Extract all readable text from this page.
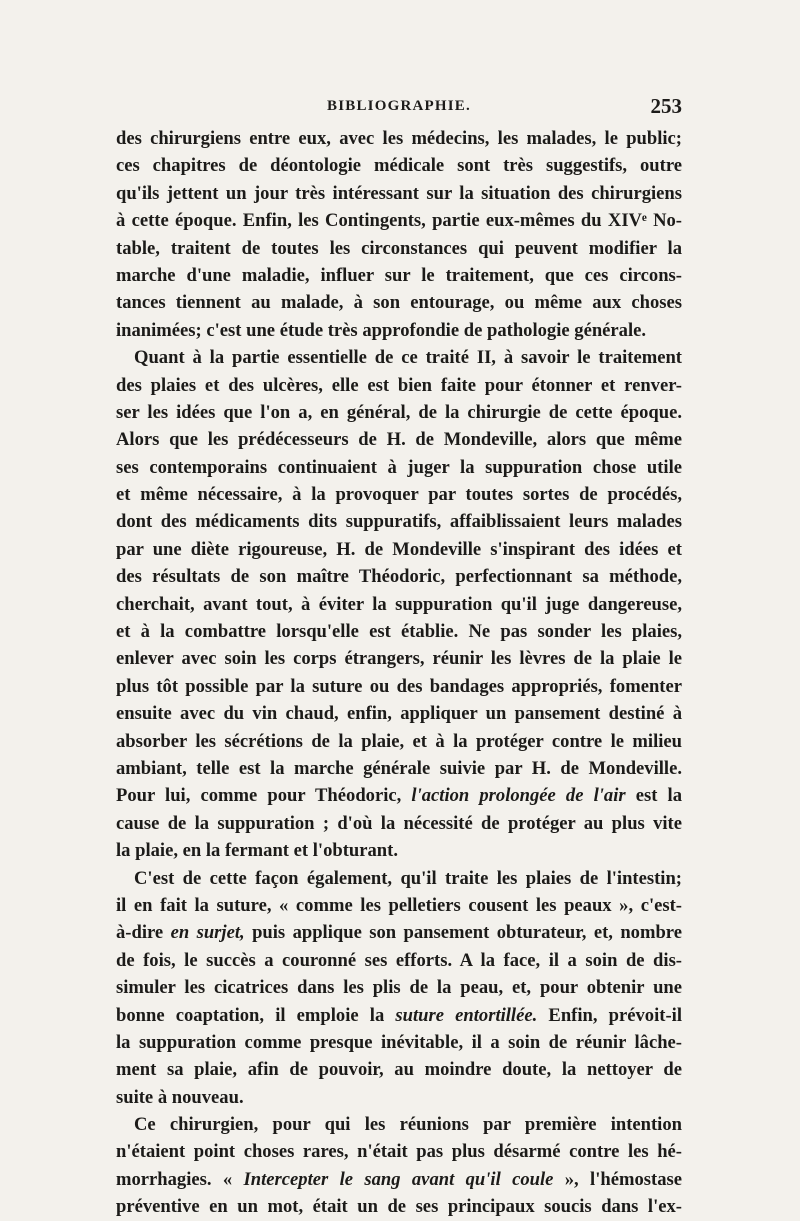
BIBLIOGRAPHIE.	253
des chirurgiens entre eux, avec les médecins, les malades, le public;
ces chapitres de déontologie médicale sont très suggestifs, outre
qu'ils jettent un jour très intéressant sur la situation des chirurgiens
à cette époque. Enfin, les Contingents, partie eux-mêmes du XIVᵉ No-
table, traitent de toutes les circonstances qui peuvent modifier la
marche d'une maladie, influer sur le traitement, que ces circons-
tances tiennent au malade, à son entourage, ou même aux choses
inanimées; c'est une étude très approfondie de pathologie générale.
Quant à la partie essentielle de ce traité II, à savoir le traitement
des plaies et des ulcères, elle est bien faite pour étonner et renver-
ser les idées que l'on a, en général, de la chirurgie de cette époque.
Alors que les prédécesseurs de H. de Mondeville, alors que même
ses contemporains continuaient à juger la suppuration chose utile
et même nécessaire, à la provoquer par toutes sortes de procédés,
dont des médicaments dits suppuratifs, affaiblissaient leurs malades
par une diète rigoureuse, H. de Mondeville s'inspirant des idées et
des résultats de son maître Théodoric, perfectionnant sa méthode,
cherchait, avant tout, à éviter la suppuration qu'il juge dangereuse,
et à la combattre lorsqu'elle est établie. Ne pas sonder les plaies,
enlever avec soin les corps étrangers, réunir les lèvres de la plaie le
plus tôt possible par la suture ou des bandages appropriés, fomenter
ensuite avec du vin chaud, enfin, appliquer un pansement destiné à
absorber les sécrétions de la plaie, et à la protéger contre le milieu
ambiant, telle est la marche générale suivie par H. de Mondeville.
Pour lui, comme pour Théodoric, l'action prolongée de l'air est la
cause de la suppuration ; d'où la nécessité de protéger au plus vite
la plaie, en la fermant et l'obturant.
C'est de cette façon également, qu'il traite les plaies de l'intestin;
il en fait la suture, « comme les pelletiers cousent les peaux », c'est-
à-dire en surjet, puis applique son pansement obturateur, et, nombre
de fois, le succès a couronné ses efforts. A la face, il a soin de dis-
simuler les cicatrices dans les plis de la peau, et, pour obtenir une
bonne coaptation, il emploie la suture entortillée. Enfin, prévoit-il
la suppuration comme presque inévitable, il a soin de réunir lâche-
ment sa plaie, afin de pouvoir, au moindre doute, la nettoyer de
suite à nouveau.
Ce chirurgien, pour qui les réunions par première intention
n'étaient point choses rares, n'était pas plus désarmé contre les hé-
morrhagies. « Intercepter le sang avant qu'il coule », l'hémostase
préventive en un mot, était un de ses principaux soucis dans l'ex-
